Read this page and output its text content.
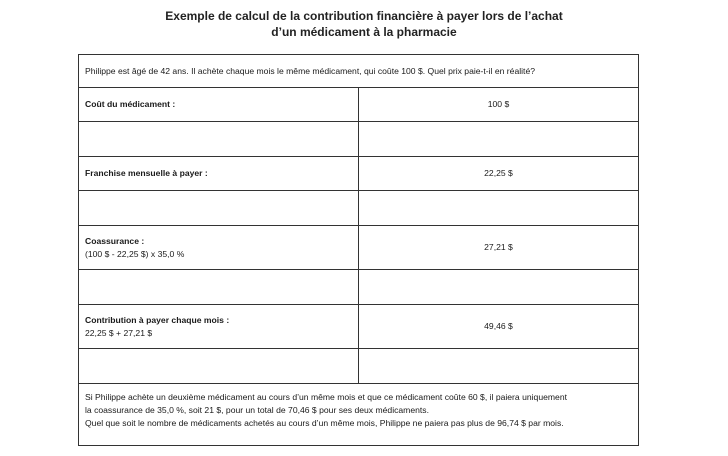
Exemple de calcul de la contribution financière à payer lors de l’achat
d’un médicament à la pharmacie
Philippe est âgé de 42 ans. Il achète chaque mois le même médicament, qui coûte 100 $. Quel prix paie-t-il en réalité?	
Coût du médicament :	100 $

Franchise mensuelle à payer :	22,25 $

Coassurance :
(100 $ - 22,25 $) x 35,0 %	27,21 $

Contribution à payer chaque mois :
22,25 $ + 27,21 $	49,46 $

Si Philippe achète un deuxième médicament au cours d’un même mois et que ce médicament coûte 60 $, il paiera uniquement
la coassurance de 35,0 %, soit 21 $, pour un total de 70,46 $ pour ses deux médicaments.
Quel que soit le nombre de médicaments achetés au cours d’un même mois, Philippe ne paiera pas plus de 96,74 $ par mois.	
